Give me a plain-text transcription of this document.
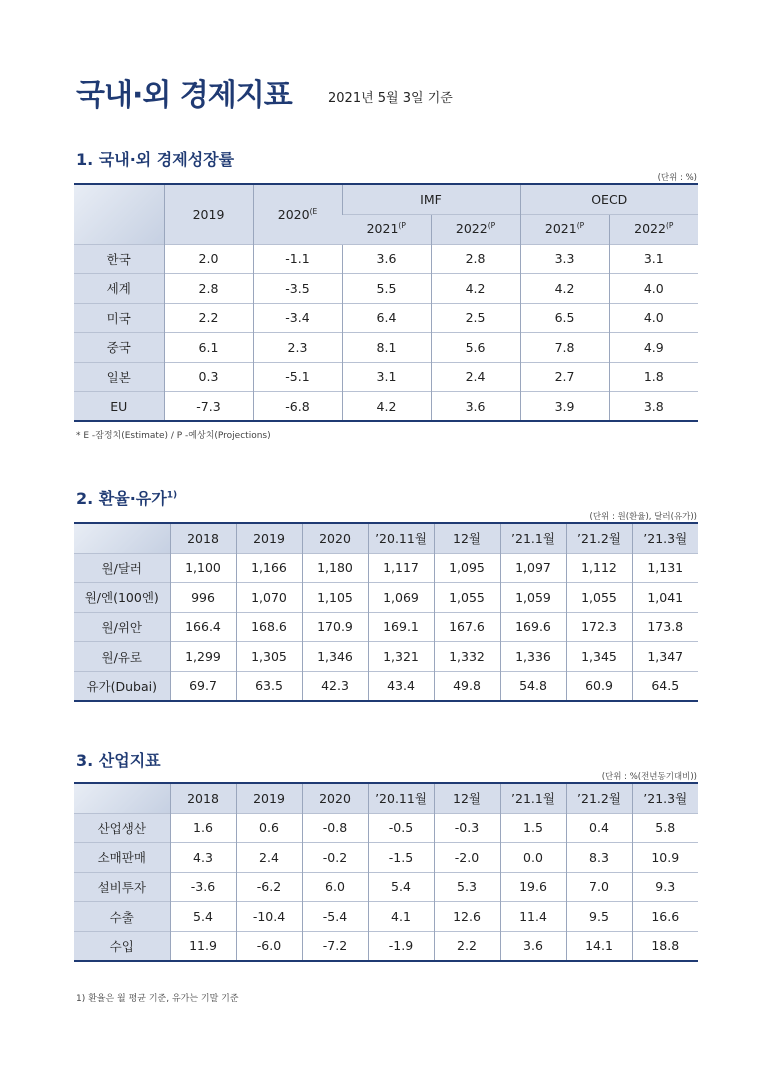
국내·외 경제지표	2021년 5월 3일 기준
1. 국내·외 경제성장률
(단위 : %)
	2019	$2020^{(E}$	IMF		OECD	
			$2021^{(P}$	$2022^{(P}$	$2021^{(P}$	$2022^{(P}$
한국	2.0	-1.1	3.6	2.8	3.3	3.1
세계	2.8	-3.5	5.5	4.2	4.2	4.0
미국	2.2	-3.4	6.4	2.5	6.5	4.0
중국	6.1	2.3	8.1	5.6	7.8	4.9
일본	0.3	-5.1	3.1	2.4	2.7	1.8
EU	-7.3	-6.8	4.2	3.6	3.9	3.8
* E -잠정치(Estimate) / P -예상치(Projections)
2. 환율·유가$^{1)}$
(단위 : 원(환율), 달러(유가))
	2018	2019	2020	’20.11월	12월	’21.1월	’21.2월	’21.3월
원/달러	1,100	1,166	1,180	1,117	1,095	1,097	1,112	1,131
원/엔(100엔)	996	1,070	1,105	1,069	1,055	1,059	1,055	1,041
원/위안	166.4	168.6	170.9	169.1	167.6	169.6	172.3	173.8
원/유로	1,299	1,305	1,346	1,321	1,332	1,336	1,345	1,347
유가(Dubai)	69.7	63.5	42.3	43.4	49.8	54.8	60.9	64.5
3. 산업지표
(단위 : %(전년동기대비))
	2018	2019	2020	’20.11월	12월	’21.1월	’21.2월	’21.3월
산업생산	1.6	0.6	-0.8	-0.5	-0.3	1.5	0.4	5.8
소매판매	4.3	2.4	-0.2	-1.5	-2.0	0.0	8.3	10.9
설비투자	-3.6	-6.2	6.0	5.4	5.3	19.6	7.0	9.3
수출	5.4	-10.4	-5.4	4.1	12.6	11.4	9.5	16.6
수입	11.9	-6.0	-7.2	-1.9	2.2	3.6	14.1	18.8
1) 환율은 월 평균 기준, 유가는 기말 기준
